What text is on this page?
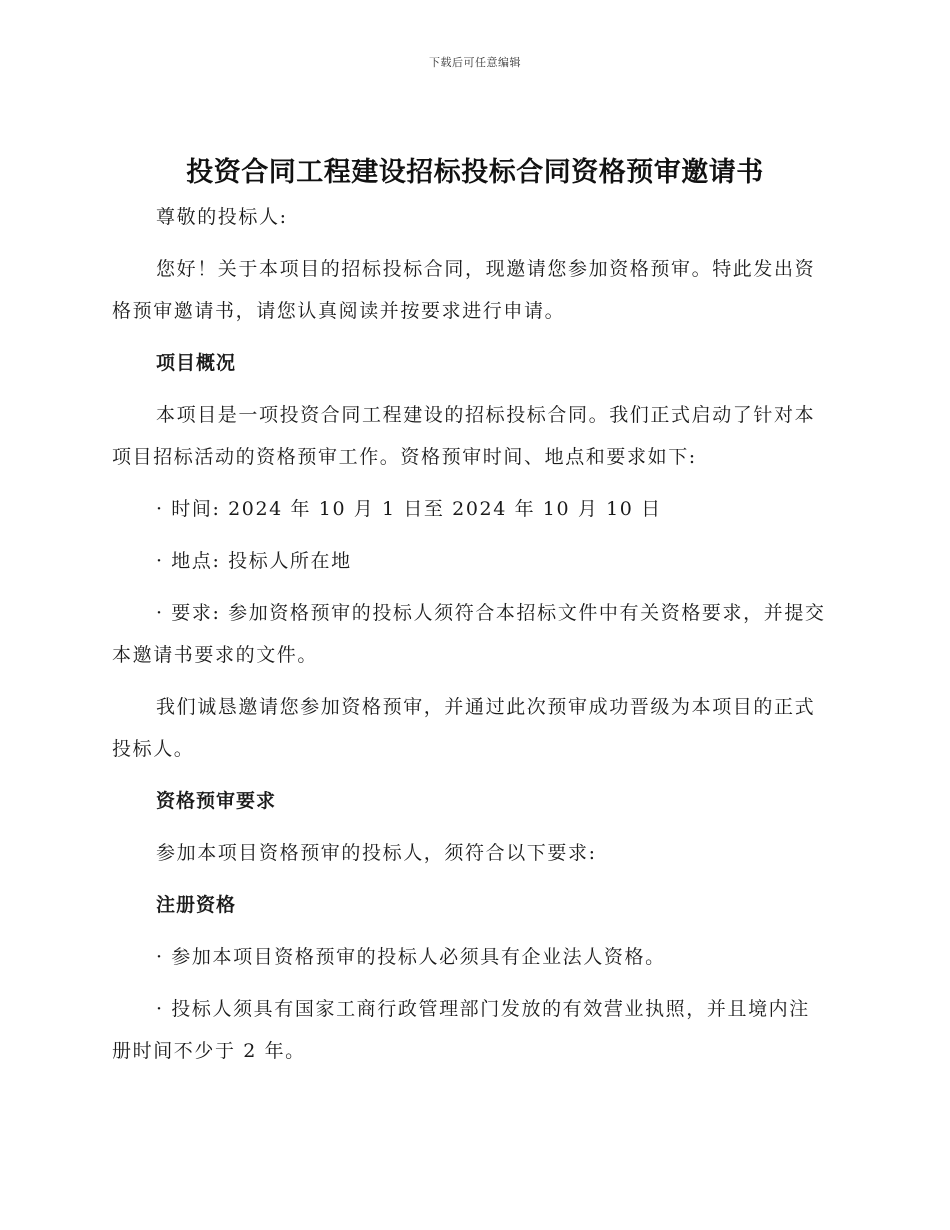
下载后可任意编辑
投资合同工程建设招标投标合同资格预审邀请书

尊敬的投标人:

您好！关于本项目的招标投标合同，现邀请您参加资格预审。特此发出资格预审邀请书，请您认真阅读并按要求进行申请。

项目概况

本项目是一项投资合同工程建设的招标投标合同。我们正式启动了针对本项目招标活动的资格预审工作。资格预审时间、地点和要求如下:

· 时间: 2024 年 10 月 1 日至 2024 年 10 月 10 日

· 地点: 投标人所在地

· 要求: 参加资格预审的投标人须符合本招标文件中有关资格要求，并提交本邀请书要求的文件。

我们诚恳邀请您参加资格预审，并通过此次预审成功晋级为本项目的正式投标人。

资格预审要求

参加本项目资格预审的投标人，须符合以下要求:

注册资格

· 参加本项目资格预审的投标人必须具有企业法人资格。

· 投标人须具有国家工商行政管理部门发放的有效营业执照，并且境内注册时间不少于 2 年。
